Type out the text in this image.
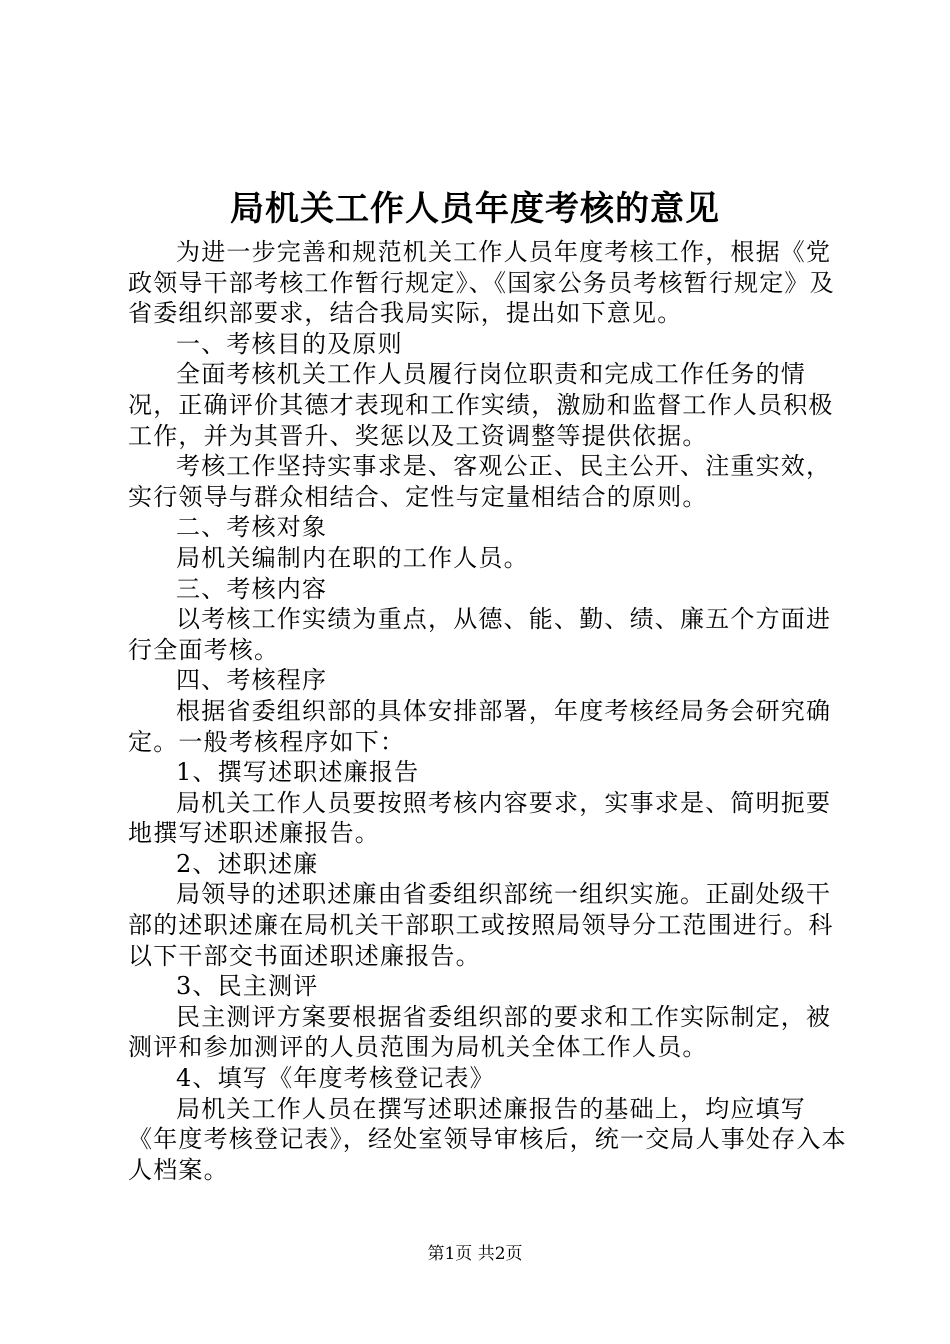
局机关工作人员年度考核的意见

为进一步完善和规范机关工作人员年度考核工作，根据《党政领导干部考核工作暂行规定》、《国家公务员考核暂行规定》及省委组织部要求，结合我局实际，提出如下意见。

一、考核目的及原则

全面考核机关工作人员履行岗位职责和完成工作任务的情况，正确评价其德才表现和工作实绩，激励和监督工作人员积极工作，并为其晋升、奖惩以及工资调整等提供依据。

考核工作坚持实事求是、客观公正、民主公开、注重实效，实行领导与群众相结合、定性与定量相结合的原则。

二、考核对象

局机关编制内在职的工作人员。

三、考核内容

以考核工作实绩为重点，从德、能、勤、绩、廉五个方面进行全面考核。

四、考核程序

根据省委组织部的具体安排部署，年度考核经局务会研究确定。一般考核程序如下：

1、撰写述职述廉报告

局机关工作人员要按照考核内容要求，实事求是、简明扼要地撰写述职述廉报告。

2、述职述廉

局领导的述职述廉由省委组织部统一组织实施。正副处级干部的述职述廉在局机关干部职工或按照局领导分工范围进行。科以下干部交书面述职述廉报告。

3、民主测评

民主测评方案要根据省委组织部的要求和工作实际制定，被测评和参加测评的人员范围为局机关全体工作人员。

4、填写《年度考核登记表》

局机关工作人员在撰写述职述廉报告的基础上，均应填写《年度考核登记表》，经处室领导审核后，统一交局人事处存入本人档案。

第1页 共2页
